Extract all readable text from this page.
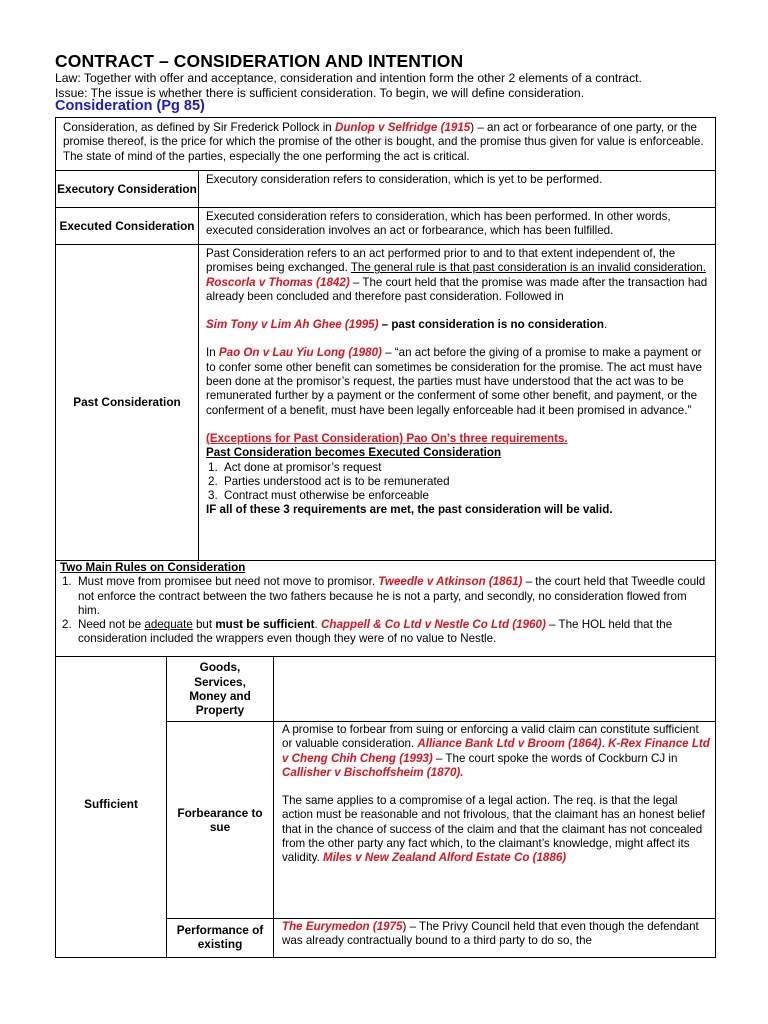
CONTRACT – CONSIDERATION AND INTENTION

Law: Together with offer and acceptance, consideration and intention form the other 2 elements of a contract.

Issue: The issue is whether there is sufficient consideration. To begin, we will define consideration.

Consideration (Pg 85)

Consideration, as defined by Sir Frederick Pollock in Dunlop v Selfridge (1915) – an act or forbearance of one party, or the promise thereof, is the price for which the promise of the other is bought, and the promise thus given for value is enforceable. The state of mind of the parties, especially the one performing the act is critical.

Executory Consideration

Executory consideration refers to consideration, which is yet to be performed.

Executed Consideration

Executed consideration refers to consideration, which has been performed. In other words, executed consideration involves an act or forbearance, which has been fulfilled.

Past Consideration

Past Consideration refers to an act performed prior to and to that extent independent of, the promises being exchanged. The general rule is that past consideration is an invalid consideration.

Roscorla v Thomas (1842) – The court held that the promise was made after the transaction had already been concluded and therefore past consideration. Followed in

Sim Tony v Lim Ah Ghee (1995) – past consideration is no consideration.

In Pao On v Lau Yiu Long (1980) – “an act before the giving of a promise to make a payment or to confer some other benefit can sometimes be consideration for the promise. The act must have been done at the promisor’s request, the parties must have understood that the act was to be remunerated further by a payment or the conferment of some other benefit, and payment, or the conferment of a benefit, must have been legally enforceable had it been promised in advance.”

(Exceptions for Past Consideration) Pao On’s three requirements.

Past Consideration becomes Executed Consideration

1. Act done at promisor’s request
2. Parties understood act is to be remunerated
3. Contract must otherwise be enforceable

IF all of these 3 requirements are met, the past consideration will be valid.

Two Main Rules on Consideration

1. Must move from promisee but need not move to promisor. Tweedle v Atkinson (1861) – the court held that Tweedle could not enforce the contract between the two fathers because he is not a party, and secondly, no consideration flowed from him.
2. Need not be adequate but must be sufficient. Chappell & Co Ltd v Nestle Co Ltd (1960) – The HOL held that the consideration included the wrappers even though they were of no value to Nestle.
Sufficient
Goods, Services, Money and Property

Forbearance to sue

A promise to forbear from suing or enforcing a valid claim can constitute sufficient or valuable consideration. Alliance Bank Ltd v Broom (1864). K-Rex Finance Ltd v Cheng Chih Cheng (1993) – The court spoke the words of Cockburn CJ in Callisher v Bischoffsheim (1870).

The same applies to a compromise of a legal action. The req. is that the legal action must be reasonable and not frivolous, that the claimant has an honest belief that in the chance of success of the claim and that the claimant has not concealed from the other party any fact which, to the claimant’s knowledge, might affect its validity. Miles v New Zealand Alford Estate Co (1886)

Performance of existing

The Eurymedon (1975) – The Privy Council held that even though the defendant was already contractually bound to a third party to do so, the
